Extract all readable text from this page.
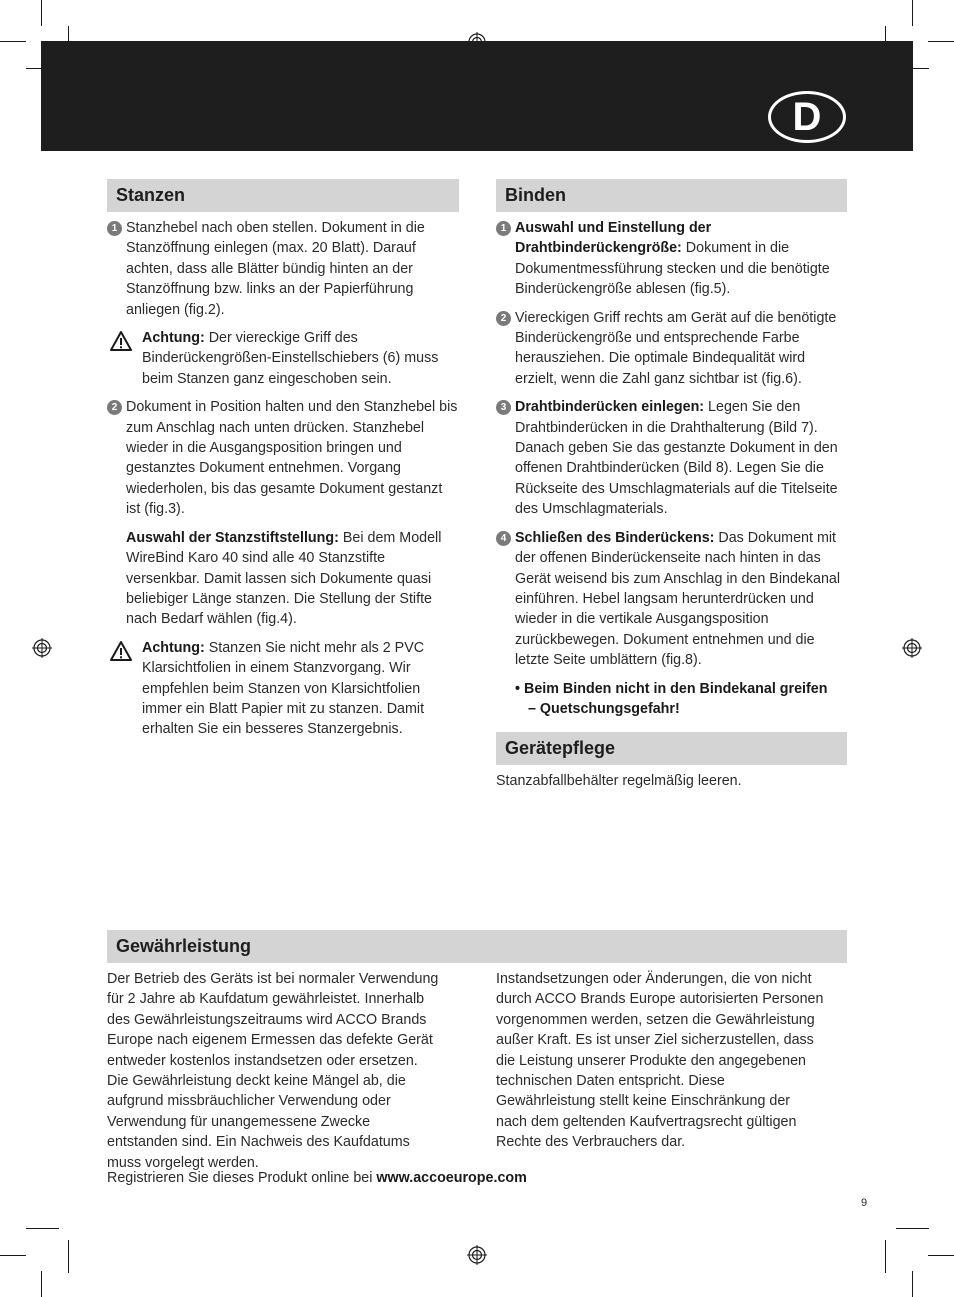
D
Stanzen
1 Stanzhebel nach oben stellen. Dokument in die Stanzöffnung einlegen (max. 20 Blatt). Darauf achten, dass alle Blätter bündig hinten an der Stanzöffnung bzw. links an der Papierführung anliegen (fig.2).
Achtung: Der viereckige Griff des Binderückengrößen-Einstellschiebers (6) muss beim Stanzen ganz eingeschoben sein.
2 Dokument in Position halten und den Stanzhebel bis zum Anschlag nach unten drücken. Stanzhebel wieder in die Ausgangsposition bringen und gestanztes Dokument entnehmen. Vorgang wiederholen, bis das gesamte Dokument gestanzt ist (fig.3).
Auswahl der Stanzstiftstellung: Bei dem Modell WireBind Karo 40 sind alle 40 Stanzstifte versenkbar. Damit lassen sich Dokumente quasi beliebiger Länge stanzen. Die Stellung der Stifte nach Bedarf wählen (fig.4).
Achtung: Stanzen Sie nicht mehr als 2 PVC Klarsichtfolien in einem Stanzvorgang. Wir empfehlen beim Stanzen von Klarsichtfolien immer ein Blatt Papier mit zu stanzen. Damit erhalten Sie ein besseres Stanzergebnis.
Binden
1 Auswahl und Einstellung der Drahtbinderückengröße: Dokument in die Dokumentmessführung stecken und die benötigte Binderückengröße ablesen (fig.5).
2 Viereckigen Griff rechts am Gerät auf die benötigte Binderückengröße und entsprechende Farbe herausziehen. Die optimale Bindequalität wird erzielt, wenn die Zahl ganz sichtbar ist (fig.6).
3 Drahtbinderücken einlegen: Legen Sie den Drahtbinderücken in die Drahthalterung (Bild 7). Danach geben Sie das gestanzte Dokument in den offenen Drahtbinderücken (Bild 8). Legen Sie die Rückseite des Umschlagmaterials auf die Titelseite des Umschlagmaterials.
4 Schließen des Binderückens: Das Dokument mit der offenen Binderückenseite nach hinten in das Gerät weisend bis zum Anschlag in den Bindekanal einführen. Hebel langsam herunterdrücken und wieder in die vertikale Ausgangsposition zurückbewegen. Dokument entnehmen und die letzte Seite umblättern (fig.8).
• Beim Binden nicht in den Bindekanal greifen
– Quetschungsgefahr!
Gerätepflege
Stanzabfallbehälter regelmäßig leeren.
Gewährleistung
Der Betrieb des Geräts ist bei normaler Verwendung für 2 Jahre ab Kaufdatum gewährleistet. Innerhalb des Gewährleistungszeitraums wird ACCO Brands Europe nach eigenem Ermessen das defekte Gerät entweder kostenlos instandsetzen oder ersetzen. Die Gewährleistung deckt keine Mängel ab, die aufgrund missbräuchlicher Verwendung oder Verwendung für unangemessene Zwecke entstanden sind. Ein Nachweis des Kaufdatums muss vorgelegt werden.
Instandsetzungen oder Änderungen, die von nicht durch ACCO Brands Europe autorisierten Personen vorgenommen werden, setzen die Gewährleistung außer Kraft. Es ist unser Ziel sicherzustellen, dass die Leistung unserer Produkte den angegebenen technischen Daten entspricht. Diese Gewährleistung stellt keine Einschränkung der nach dem geltenden Kaufvertragsrecht gültigen Rechte des Verbrauchers dar.
Registrieren Sie dieses Produkt online bei www.accoeurope.com
9
